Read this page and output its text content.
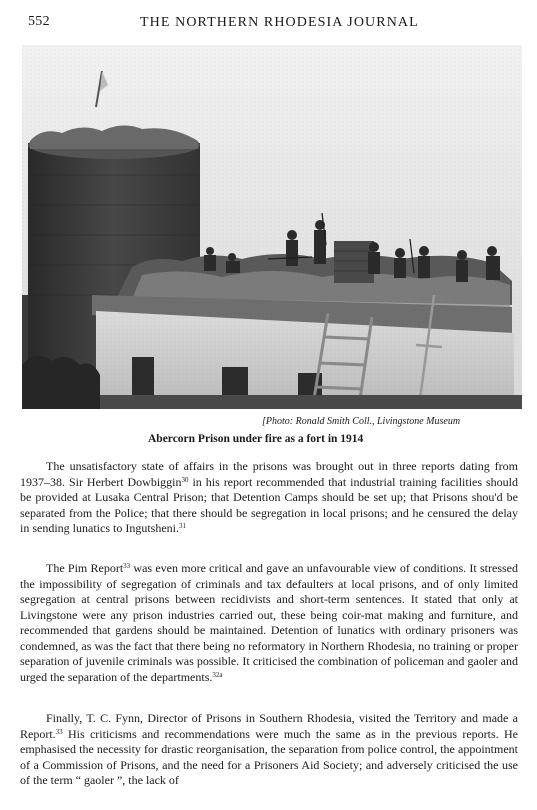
552	THE NORTHERN RHODESIA JOURNAL
[Photo: Ronald Smith Coll., Livingstone Museum
Abercorn Prison under fire as a fort in 1914

The unsatisfactory state of affairs in the prisons was brought out in three reports dating from 1937–38. Sir Herbert Dowbiggin$^{30}$ in his report recommended that industrial training facilities should be provided at Lusaka Central Prison; that Detention Camps should be set up; that Prisons shou'd be separated from the Police; that there should be segregation in local prisons; and he censured the delay in sending lunatics to Ingutsheni.$^{31}$

The Pim Report$^{33}$ was even more critical and gave an unfavourable view of conditions. It stressed the impossibility of segregation of criminals and tax defaulters at local prisons, and of only limited segregation at central prisons between recidivists and short-term sentences. It stated that only at Livingstone were any prison industries carried out, these being coir-mat making and furniture, and recommended that gardens should be maintained. Detention of lunatics with ordinary prisoners was condemned, as was the fact that there being no reformatory in Northern Rhodesia, no training or proper separation of juvenile criminals was possible. It criticised the combination of policeman and gaoler and urged the separation of the departments.$^{32a}$

Finally, T. C. Fynn, Director of Prisons in Southern Rhodesia, visited the Territory and made a Report.$^{33}$ His criticisms and recommendations were much the same as in the previous reports. He emphasised the necessity for drastic reorganisation, the separation from police control, the appointment of a Commission of Prisons, and the need for a Prisoners Aid Society; and adversely criticised the use of the term “ gaoler ”, the lack of
